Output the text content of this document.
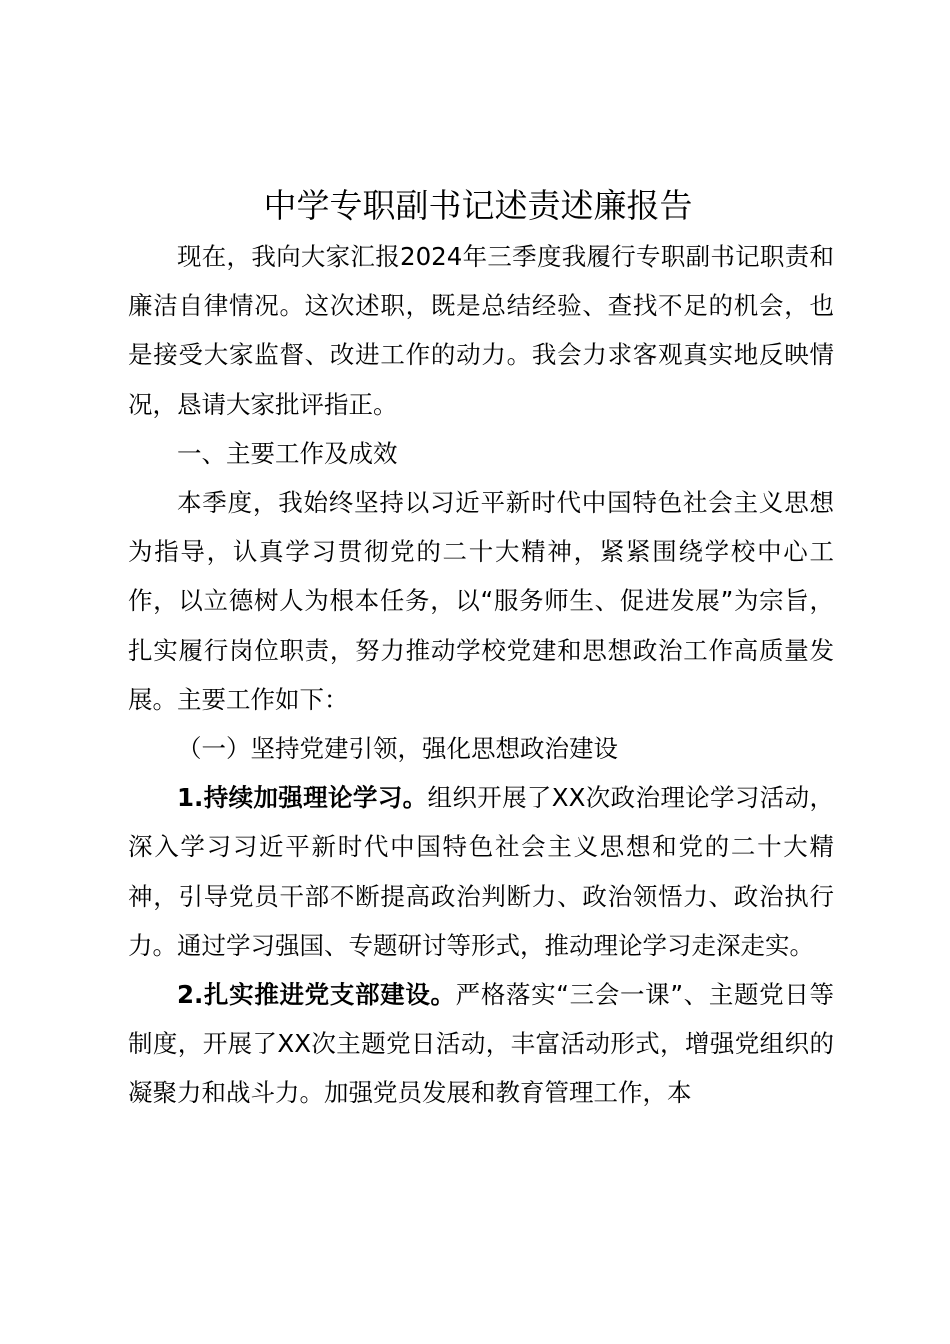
中学专职副书记述责述廉报告

现在，我向大家汇报2024年三季度我履行专职副书记职责和廉洁自律情况。这次述职，既是总结经验、查找不足的机会，也是接受大家监督、改进工作的动力。我会力求客观真实地反映情况，恳请大家批评指正。

一、主要工作及成效

本季度，我始终坚持以习近平新时代中国特色社会主义思想为指导，认真学习贯彻党的二十大精神，紧紧围绕学校中心工作，以立德树人为根本任务，以“服务师生、促进发展”为宗旨，扎实履行岗位职责，努力推动学校党建和思想政治工作高质量发展。主要工作如下：

（一）坚持党建引领，强化思想政治建设

1.持续加强理论学习。组织开展了XX次政治理论学习活动，深入学习习近平新时代中国特色社会主义思想和党的二十大精神，引导党员干部不断提高政治判断力、政治领悟力、政治执行力。通过学习强国、专题研讨等形式，推动理论学习走深走实。

2.扎实推进党支部建设。严格落实“三会一课”、主题党日等制度，开展了XX次主题党日活动，丰富活动形式，增强党组织的凝聚力和战斗力。加强党员发展和教育管理工作，本
